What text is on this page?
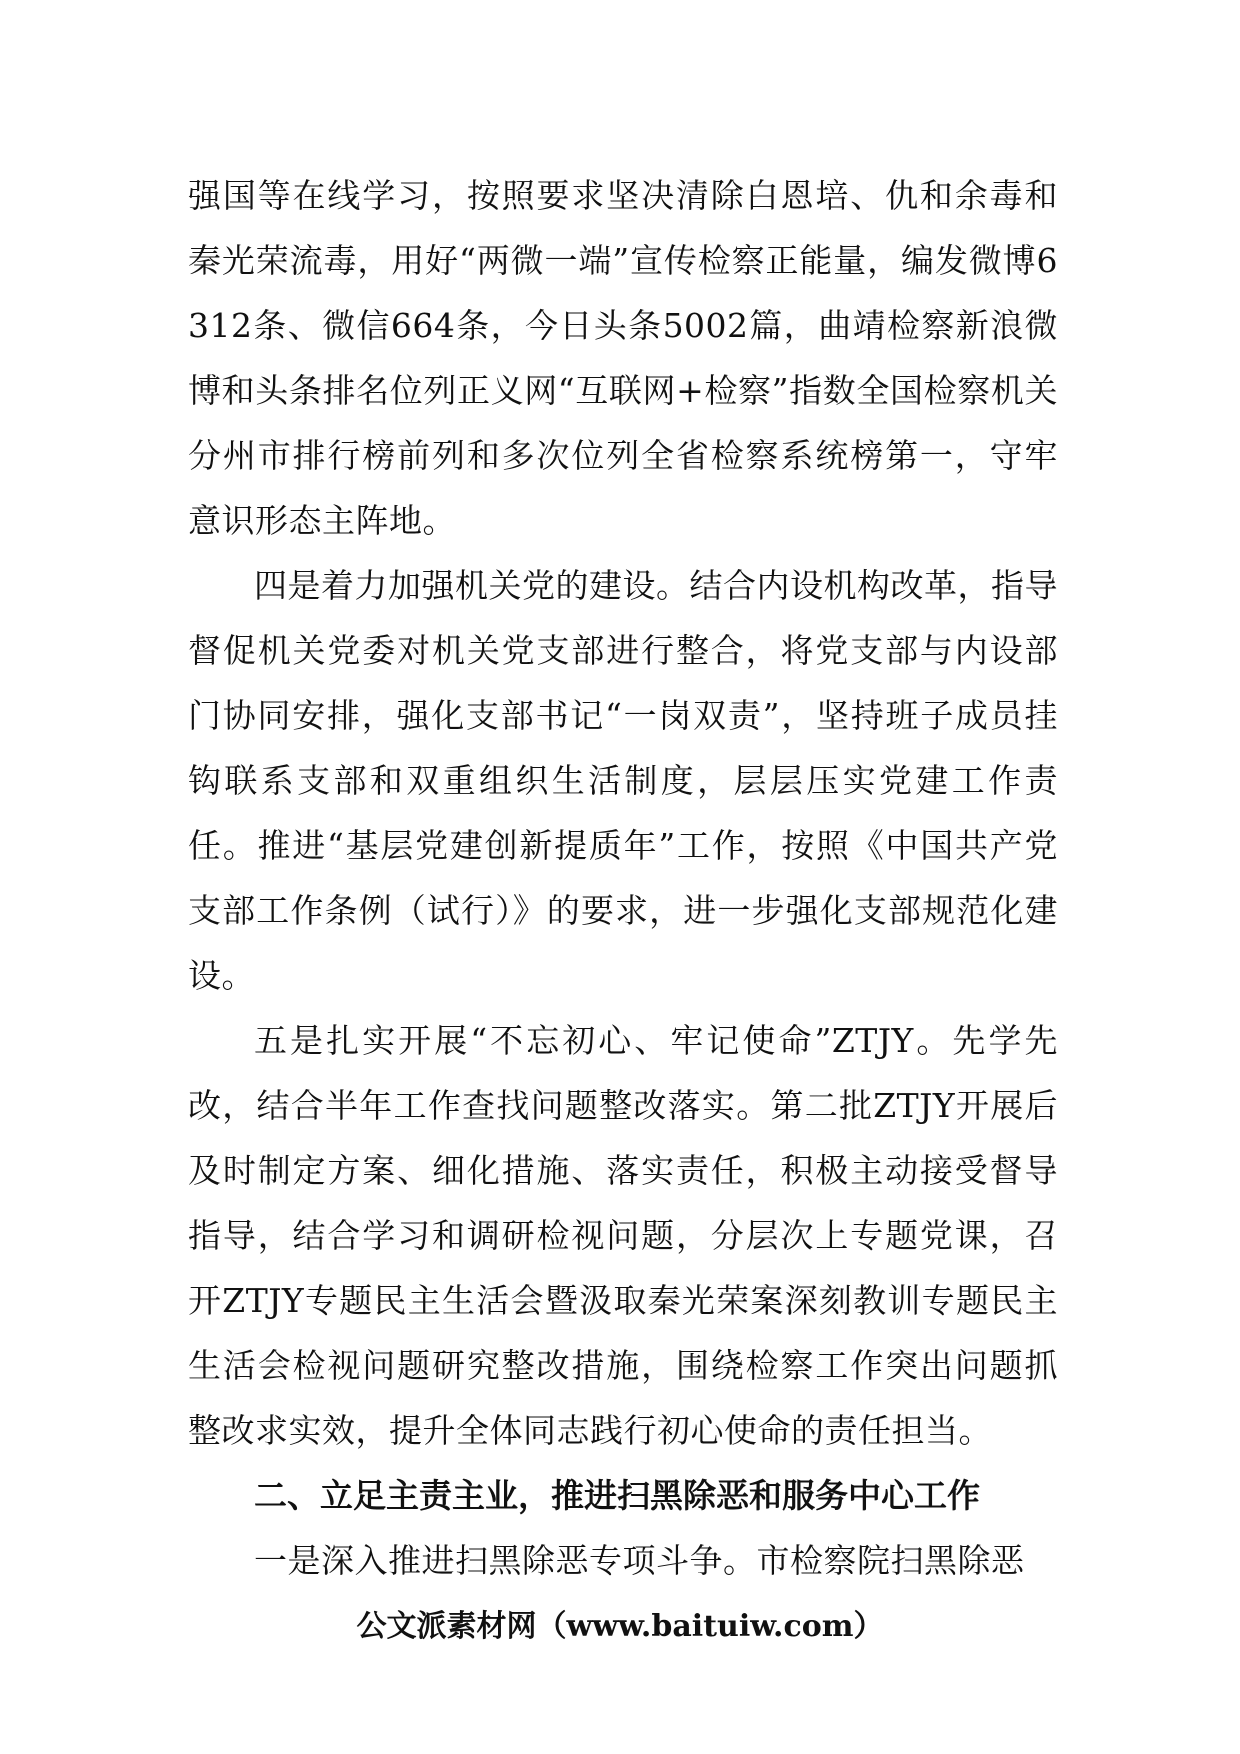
强国等在线学习，按照要求坚决清除白恩培、仇和余毒和秦光荣流毒，用好“两微一端”宣传检察正能量，编发微博6312条、微信664条，今日头条5002篇，曲靖检察新浪微博和头条排名位列正义网“互联网+检察”指数全国检察机关分州市排行榜前列和多次位列全省检察系统榜第一，守牢意识形态主阵地。

四是着力加强机关党的建设。结合内设机构改革，指导督促机关党委对机关党支部进行整合，将党支部与内设部门协同安排，强化支部书记“一岗双责”，坚持班子成员挂钩联系支部和双重组织生活制度，层层压实党建工作责任。推进“基层党建创新提质年”工作，按照《中国共产党支部工作条例（试行）》的要求，进一步强化支部规范化建设。

五是扎实开展“不忘初心、牢记使命”ZTJY。先学先改，结合半年工作查找问题整改落实。第二批ZTJY开展后及时制定方案、细化措施、落实责任，积极主动接受督导指导，结合学习和调研检视问题，分层次上专题党课，召开ZTJY专题民主生活会暨汲取秦光荣案深刻教训专题民主生活会检视问题研究整改措施，围绕检察工作突出问题抓整改求实效，提升全体同志践行初心使命的责任担当。

二、立足主责主业，推进扫黑除恶和服务中心工作

一是深入推进扫黑除恶专项斗争。市检察院扫黑除恶

公文派素材网（www.baituiw.com）
